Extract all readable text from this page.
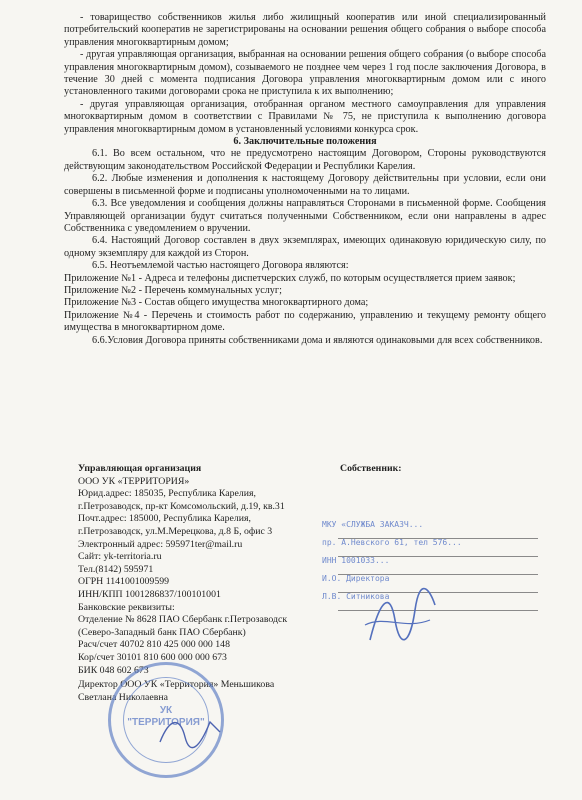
- товарищество собственников жилья либо жилищный кооператив или иной специализированный потребительский кооператив не зарегистрированы на основании решения общего собрания о выборе способа управления многоквартирным домом;

- другая управляющая организация, выбранная на основании решения общего собрания (о выборе способа управления многоквартирным домом), созываемого не позднее чем через 1 год после заключения Договора, в течение 30 дней с момента подписания Договора управления многоквартирным домом или с иного установленного такими договорами срока не приступила к их выполнению;

- другая управляющая организация, отобранная органом местного самоуправления для управления многоквартирным домом в соответствии с Правилами № 75, не приступила к выполнению договора управления многоквартирным домом в установленный условиями конкурса срок.

6. Заключительные положения

6.1. Во всем остальном, что не предусмотрено настоящим Договором, Стороны руководствуются действующим законодательством Российской Федерации и Республики Карелия.

6.2. Любые изменения и дополнения к настоящему Договору действительны при условии, если они совершены в письменной форме и подписаны уполномоченными на то лицами.

6.3. Все уведомления и сообщения должны направляться Сторонами в письменной форме. Сообщения Управляющей организации будут считаться полученными Собственником, если они направлены в адрес Собственника с уведомлением о вручении.

6.4. Настоящий Договор составлен в двух экземплярах, имеющих одинаковую юридическую силу, по одному экземпляру для каждой из Сторон.

6.5. Неотъемлемой частью настоящего Договора являются:

Приложение №1 - Адреса и телефоны диспетчерских служб, по которым осуществляется прием заявок;

Приложение №2 - Перечень коммунальных услуг;

Приложение №3 - Состав общего имущества многоквартирного дома;

Приложение №4 - Перечень и стоимость работ по содержанию, управлению и текущему ремонту общего имущества в многоквартирном доме.

6.6.Условия Договора приняты собственниками дома и являются одинаковыми для всех собственников.

Управляющая организация
ООО УК «ТЕРРИТОРИЯ»
Юрид.адрес: 185035, Республика Карелия,
г.Петрозаводск, пр-кт Комсомольский, д.19, кв.31
Почт.адрес: 185000, Республика Карелия,
г.Петрозаводск, ул.М.Мерецкова, д.8 Б, офис 3
Электронный адрес: 595971ter@mail.ru
Сайт: yk-territoria.ru
Тел.(8142) 595971
ОГРН 1141001009599
ИНН/КПП 1001286837/100101001
Банковские реквизиты:
Отделение № 8628 ПАО Сбербанк г.Петрозаводск
(Северо-Западный банк ПАО Сбербанк)
Расч/счет 40702 810 425 000 000 148
Кор/счет 30101 810 600 000 000 673
БИК 048 602 673
Директор ООО УК «Территория» Меньшикова
Светлана Николаевна
Собственник:
МКУ «СЛУЖБА ЗАКАЗЧ...
пр. А.Невского 61, тел 576...
ИНН 1001033...
И.О. Директора
Л.В. Ситникова
УК
"ТЕРРИТОРИЯ"
